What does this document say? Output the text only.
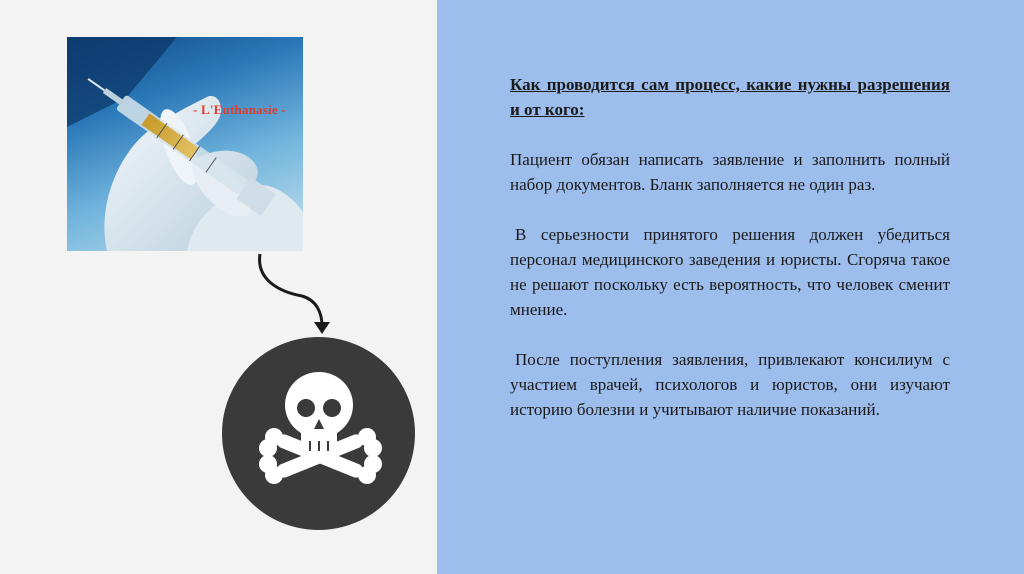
- L'Euthanasie -

Как проводится сам процесс, какие нужны разрешения и от кого:

Пациент обязан написать заявление и заполнить полный набор документов. Бланк заполняется не один раз.

В серьезности принятого решения должен убедиться персонал медицинского заведения и юристы. Сгоряча такое не решают поскольку есть вероятность, что человек сменит мнение.

После поступления заявления, привлекают консилиум с участием врачей, психологов и юристов, они изучают историю болезни и учитывают наличие показаний.
